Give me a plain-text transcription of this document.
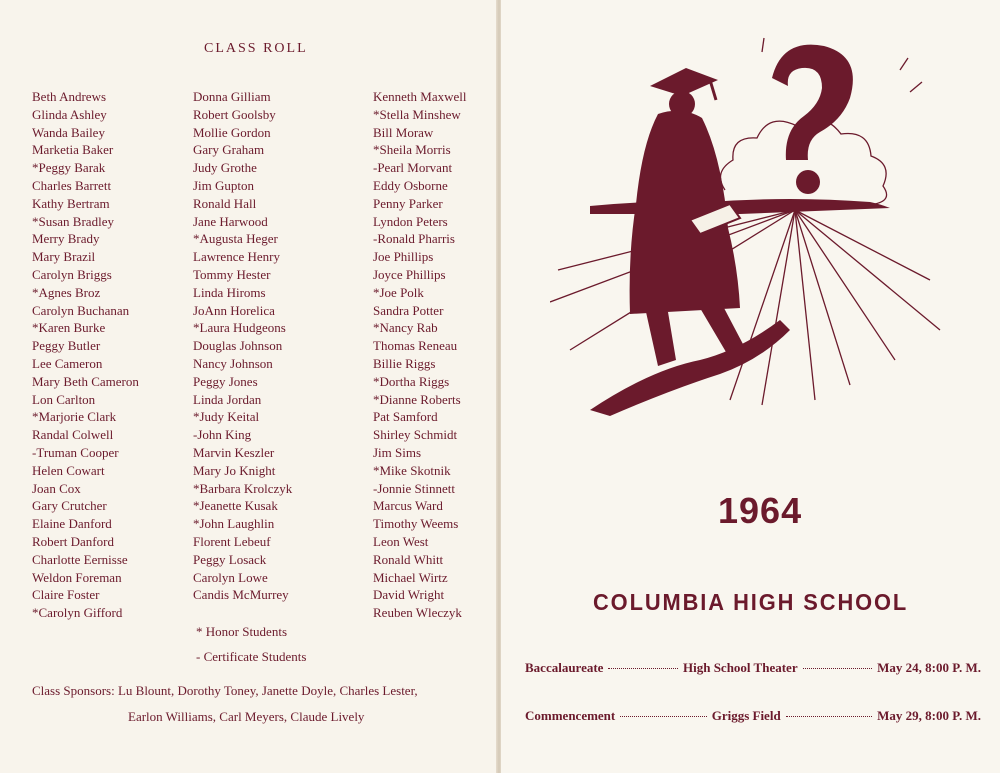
CLASS ROLL
Beth Andrews
Glinda Ashley
Wanda Bailey
Marketia Baker
*Peggy Barak
Charles Barrett
Kathy Bertram
*Susan Bradley
Merry Brady
Mary Brazil
Carolyn Briggs
*Agnes Broz
Carolyn Buchanan
*Karen Burke
Peggy Butler
Lee Cameron
Mary Beth Cameron
Lon Carlton
*Marjorie Clark
Randal Colwell
-Truman Cooper
Helen Cowart
Joan Cox
Gary Crutcher
Elaine Danford
Robert Danford
Charlotte Eernisse
Weldon Foreman
Claire Foster
*Carolyn Gifford
Donna Gilliam
Robert Goolsby
Mollie Gordon
Gary Graham
Judy Grothe
Jim Gupton
Ronald Hall
Jane Harwood
*Augusta Heger
Lawrence Henry
Tommy Hester
Linda Hiroms
JoAnn Horelica
*Laura Hudgeons
Douglas Johnson
Nancy Johnson
Peggy Jones
Linda Jordan
*Judy Keital
-John King
Marvin Keszler
Mary Jo Knight
*Barbara Krolczyk
*Jeanette Kusak
*John Laughlin
Florent Lebeuf
Peggy Losack
Carolyn Lowe
Candis McMurrey
Kenneth Maxwell
*Stella Minshew
Bill Moraw
*Sheila Morris
-Pearl Morvant
Eddy Osborne
Penny Parker
Lyndon Peters
-Ronald Pharris
Joe Phillips
Joyce Phillips
*Joe Polk
Sandra Potter
*Nancy Rab
Thomas Reneau
Billie Riggs
*Dortha Riggs
*Dianne Roberts
Pat Samford
Shirley Schmidt
Jim Sims
*Mike Skotnik
-Jonnie Stinnett
Marcus Ward
Timothy Weems
Leon West
Ronald Whitt
Michael Wirtz
David Wright
Reuben Wleczyk
* Honor Students
- Certificate Students
Class Sponsors: Lu Blount, Dorothy Toney, Janette Doyle, Charles Lester,
Earlon Williams, Carl Meyers, Claude Lively
1964
COLUMBIA HIGH SCHOOL
Baccalaureate	High School Theater	May 24, 8:00 P. M.
Commencement	Griggs Field	May 29, 8:00 P. M.
